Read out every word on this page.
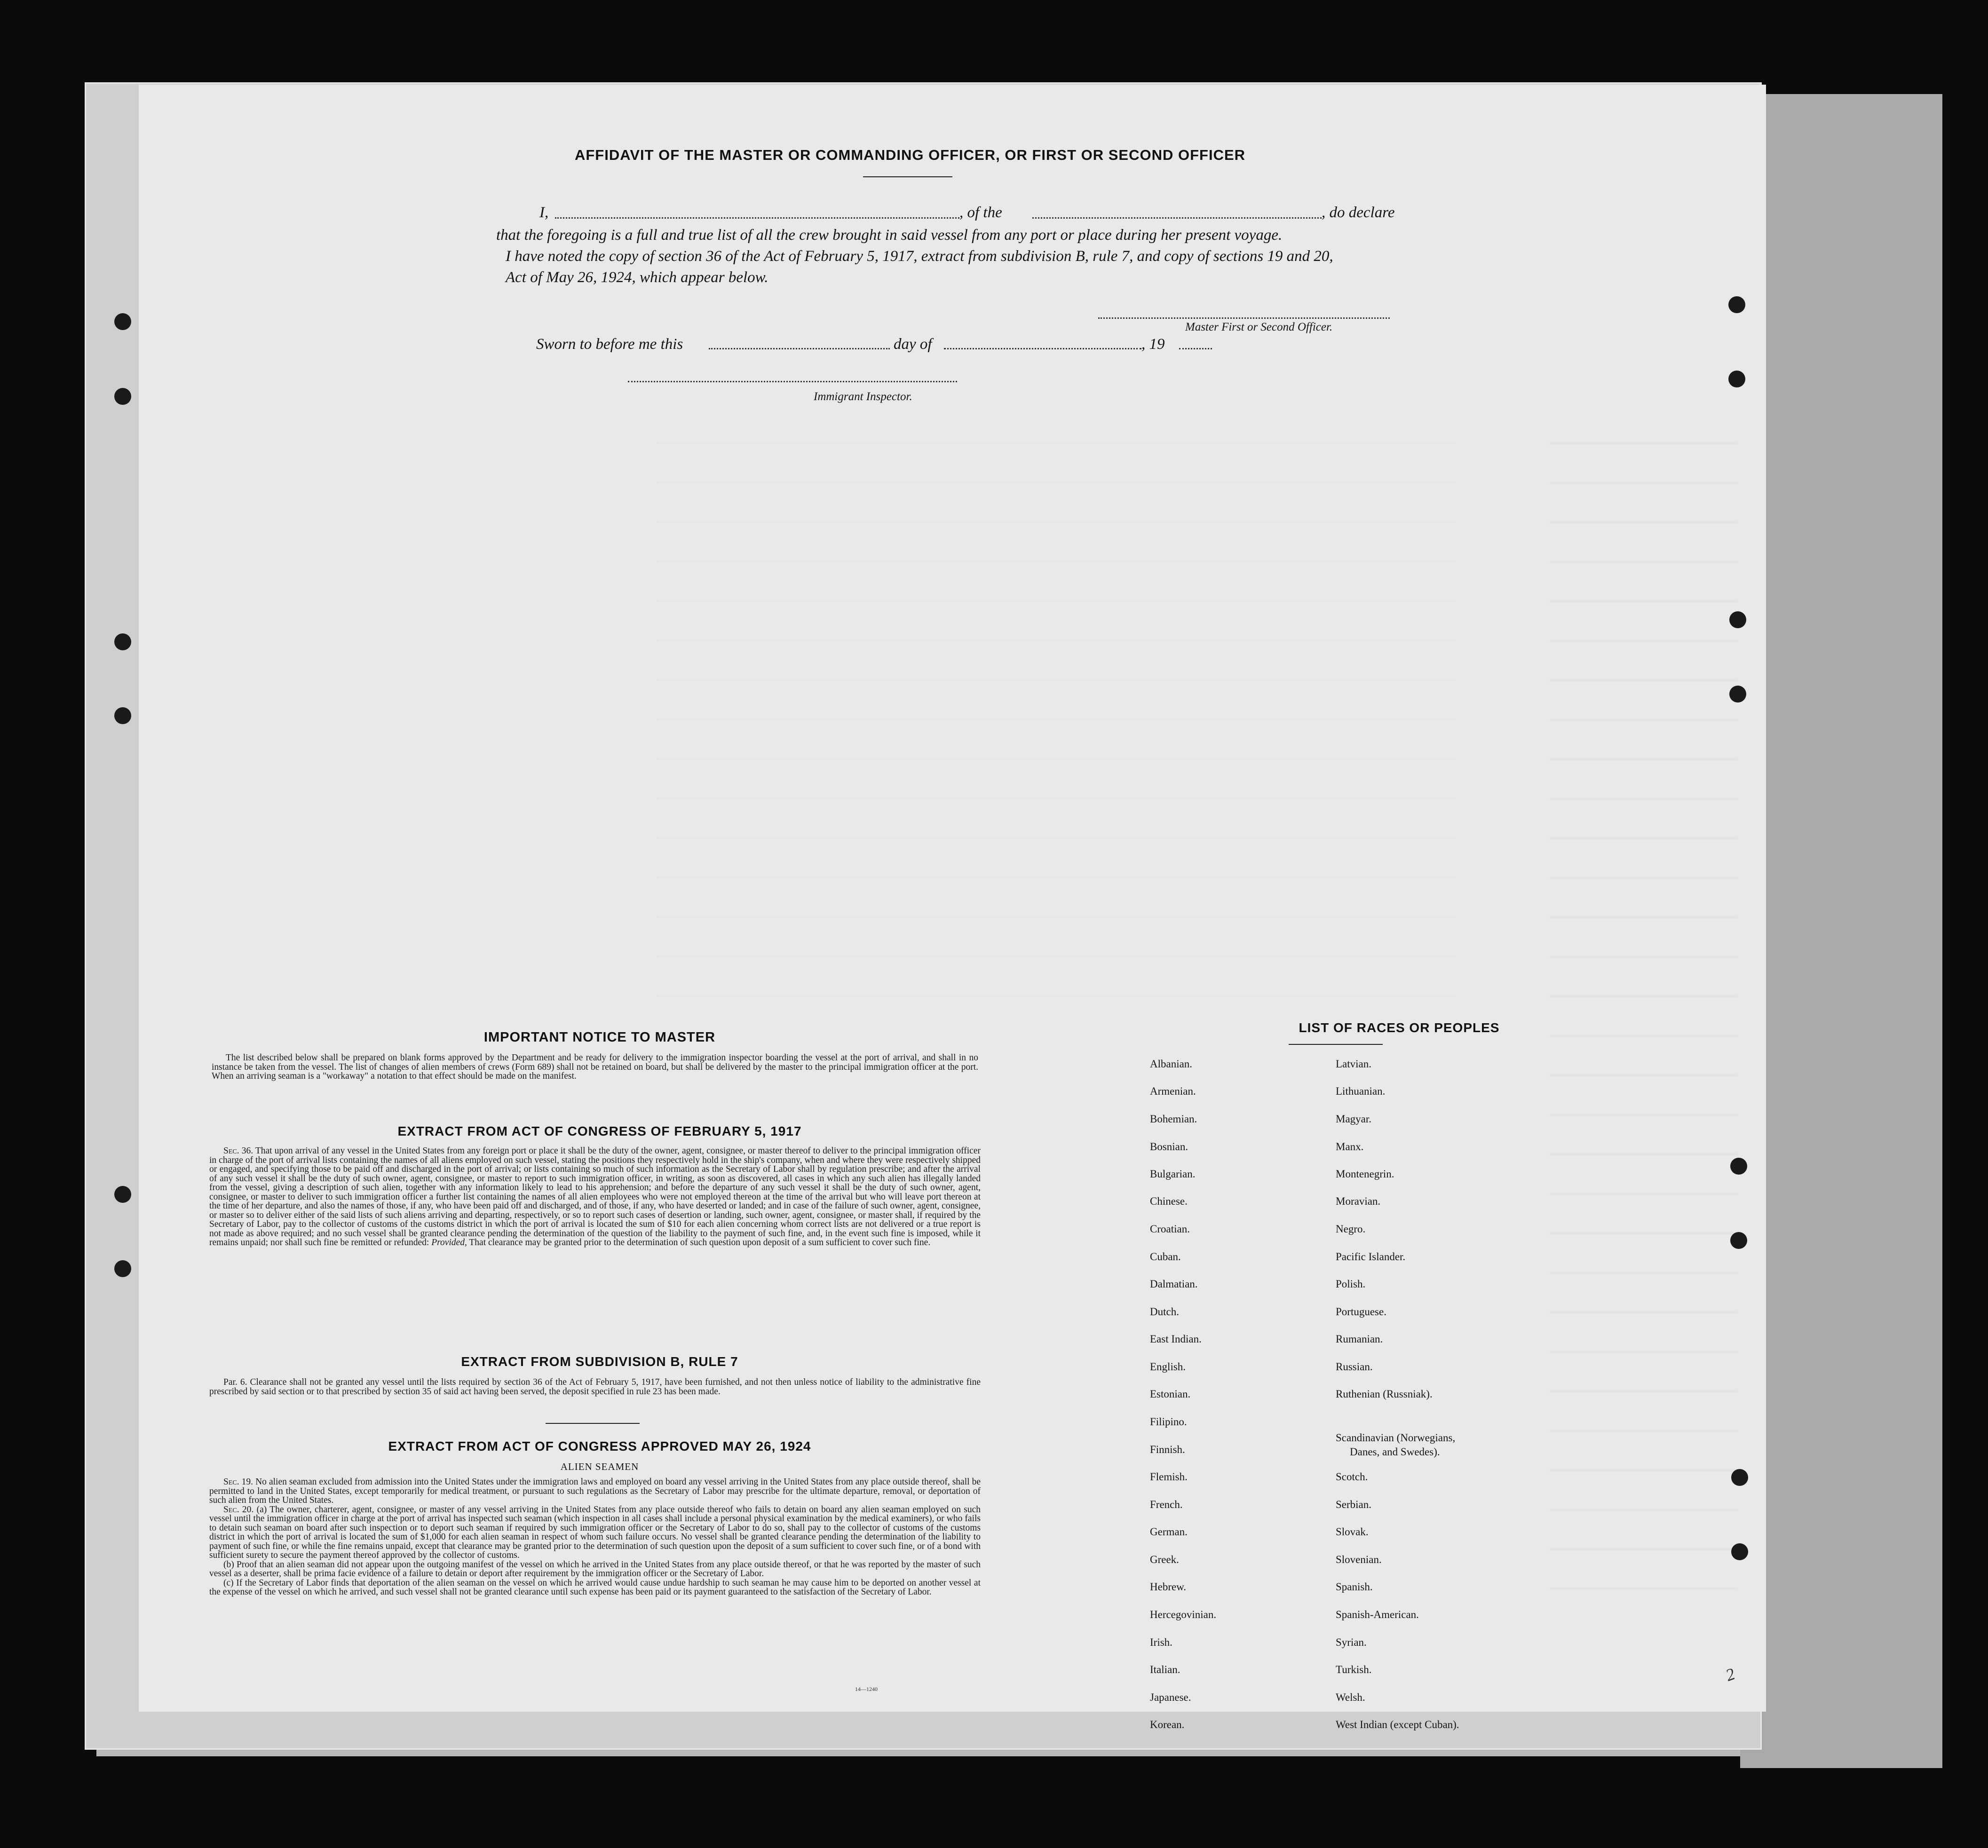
AFFIDAVIT OF THE MASTER OR COMMANDING OFFICER, OR FIRST OR SECOND OFFICER
I,	, of the	, do declare
that the foregoing is a full and true list of all the crew brought in said vessel from any port or place during her present voyage.
I have noted the copy of section 36 of the Act of February 5, 1917, extract from subdivision B, rule 7, and copy of sections 19 and 20,
Act of May 26, 1924, which appear below.
Master First or Second Officer.
Sworn to before me this	day of	, 19
Immigrant Inspector.
IMPORTANT NOTICE TO MASTER

The list described below shall be prepared on blank forms approved by the Department and be ready for delivery to the immigration inspector boarding the vessel at the port of arrival, and shall in no instance be taken from the vessel. The list of changes of alien members of crews (Form 689) shall not be retained on board, but shall be delivered by the master to the principal immigration officer at the port. When an arriving seaman is a "workaway" a notation to that effect should be made on the manifest.

EXTRACT FROM ACT OF CONGRESS OF FEBRUARY 5, 1917

Sec. 36. That upon arrival of any vessel in the United States from any foreign port or place it shall be the duty of the owner, agent, consignee, or master thereof to deliver to the principal immigration officer in charge of the port of arrival lists containing the names of all aliens employed on such vessel, stating the positions they respectively hold in the ship's company, when and where they were respectively shipped or engaged, and specifying those to be paid off and discharged in the port of arrival; or lists containing so much of such information as the Secretary of Labor shall by regulation prescribe; and after the arrival of any such vessel it shall be the duty of such owner, agent, consignee, or master to report to such immigration officer, in writing, as soon as discovered, all cases in which any such alien has illegally landed from the vessel, giving a description of such alien, together with any information likely to lead to his apprehension; and before the departure of any such vessel it shall be the duty of such owner, agent, consignee, or master to deliver to such immigration officer a further list containing the names of all alien employees who were not employed thereon at the time of the arrival but who will leave port thereon at the time of her departure, and also the names of those, if any, who have been paid off and discharged, and of those, if any, who have deserted or landed; and in case of the failure of such owner, agent, consignee, or master so to deliver either of the said lists of such aliens arriving and departing, respectively, or so to report such cases of desertion or landing, such owner, agent, consignee, or master shall, if required by the Secretary of Labor, pay to the collector of customs of the customs district in which the port of arrival is located the sum of $10 for each alien concerning whom correct lists are not delivered or a true report is not made as above required; and no such vessel shall be granted clearance pending the determination of the question of the liability to the payment of such fine, and, in the event such fine is imposed, while it remains unpaid; nor shall such fine be remitted or refunded: Provided, That clearance may be granted prior to the determination of such question upon deposit of a sum sufficient to cover such fine.

EXTRACT FROM SUBDIVISION B, RULE 7

Par. 6. Clearance shall not be granted any vessel until the lists required by section 36 of the Act of February 5, 1917, have been furnished, and not then unless notice of liability to the administrative fine prescribed by said section or to that prescribed by section 35 of said act having been served, the deposit specified in rule 23 has been made.

EXTRACT FROM ACT OF CONGRESS APPROVED MAY 26, 1924
ALIEN SEAMEN

Sec. 19. No alien seaman excluded from admission into the United States under the immigration laws and employed on board any vessel arriving in the United States from any place outside thereof, shall be permitted to land in the United States, except temporarily for medical treatment, or pursuant to such regulations as the Secretary of Labor may prescribe for the ultimate departure, removal, or deportation of such alien from the United States.

Sec. 20. (a) The owner, charterer, agent, consignee, or master of any vessel arriving in the United States from any place outside thereof who fails to detain on board any alien seaman employed on such vessel until the immigration officer in charge at the port of arrival has inspected such seaman (which inspection in all cases shall include a personal physical examination by the medical examiners), or who fails to detain such seaman on board after such inspection or to deport such seaman if required by such immigration officer or the Secretary of Labor to do so, shall pay to the collector of customs of the customs district in which the port of arrival is located the sum of $1,000 for each alien seaman in respect of whom such failure occurs. No vessel shall be granted clearance pending the determination of the liability to payment of such fine, or while the fine remains unpaid, except that clearance may be granted prior to the determination of such question upon the deposit of a sum sufficient to cover such fine, or of a bond with sufficient surety to secure the payment thereof approved by the collector of customs.

(b) Proof that an alien seaman did not appear upon the outgoing manifest of the vessel on which he arrived in the United States from any place outside thereof, or that he was reported by the master of such vessel as a deserter, shall be prima facie evidence of a failure to detain or deport after requirement by the immigration officer or the Secretary of Labor.

(c) If the Secretary of Labor finds that deportation of the alien seaman on the vessel on which he arrived would cause undue hardship to such seaman he may cause him to be deported on another vessel at the expense of the vessel on which he arrived, and such vessel shall not be granted clearance until such expense has been paid or its payment guaranteed to the satisfaction of the Secretary of Labor.

14—1240
LIST OF RACES OR PEOPLES
Albanian.
Armenian.
Bohemian.
Bosnian.
Bulgarian.
Chinese.
Croatian.
Cuban.
Dalmatian.
Dutch.
East Indian.
English.
Estonian.
Filipino.
Finnish.
Flemish.
French.
German.
Greek.
Hebrew.
Hercegovinian.
Irish.
Italian.
Japanese.
Korean.
Latvian.
Lithuanian.
Magyar.
Manx.
Montenegrin.
Moravian.
Negro.
Pacific Islander.
Polish.
Portuguese.
Rumanian.
Russian.
Ruthenian (Russniak).
Scandinavian (Norwegians,
Danes, and Swedes).
Scotch.
Serbian.
Slovak.
Slovenian.
Spanish.
Spanish-American.
Syrian.
Turkish.
Welsh.
West Indian (except Cuban).
2
